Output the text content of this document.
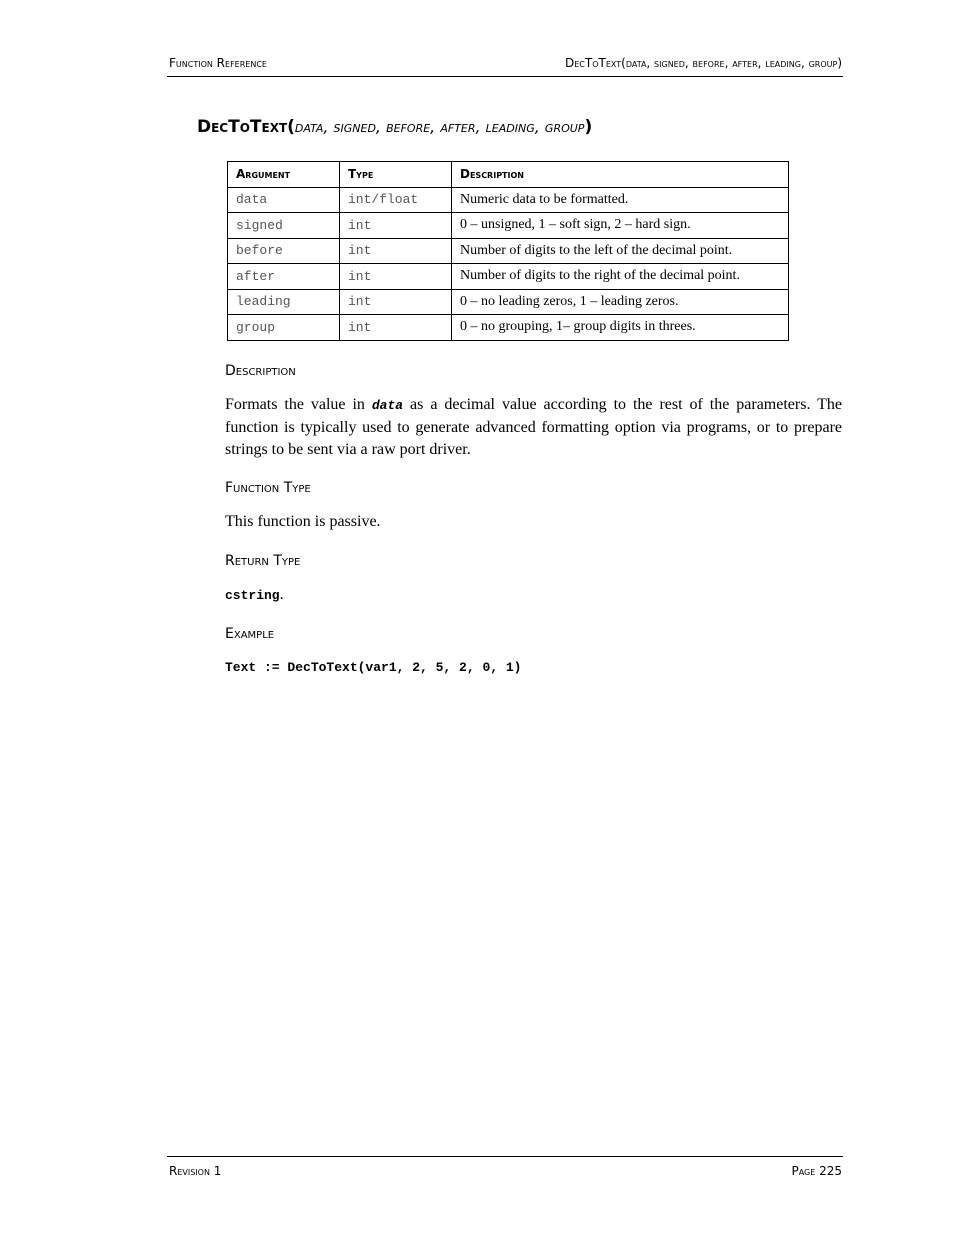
Function Reference	DecToText(data, signed, before, after, leading, group)
DecToText(data, signed, before, after, leading, group)
Argument	Type	Description
data	int/float	Numeric data to be formatted.
signed	int	0 – unsigned, 1 – soft sign, 2 – hard sign.
before	int	Number of digits to the left of the decimal point.
after	int	Number of digits to the right of the decimal point.
leading	int	0 – no leading zeros, 1 – leading zeros.
group	int	0 – no grouping, 1– group digits in threes.
Description
Formats the value in data as a decimal value according to the rest of the parameters. The function is typically used to generate advanced formatting option via programs, or to prepare strings to be sent via a raw port driver.
Function Type
This function is passive.
Return Type
cstring.
Example
Text := DecToText(var1, 2, 5, 2, 0, 1)
Revision 1	Page 225
